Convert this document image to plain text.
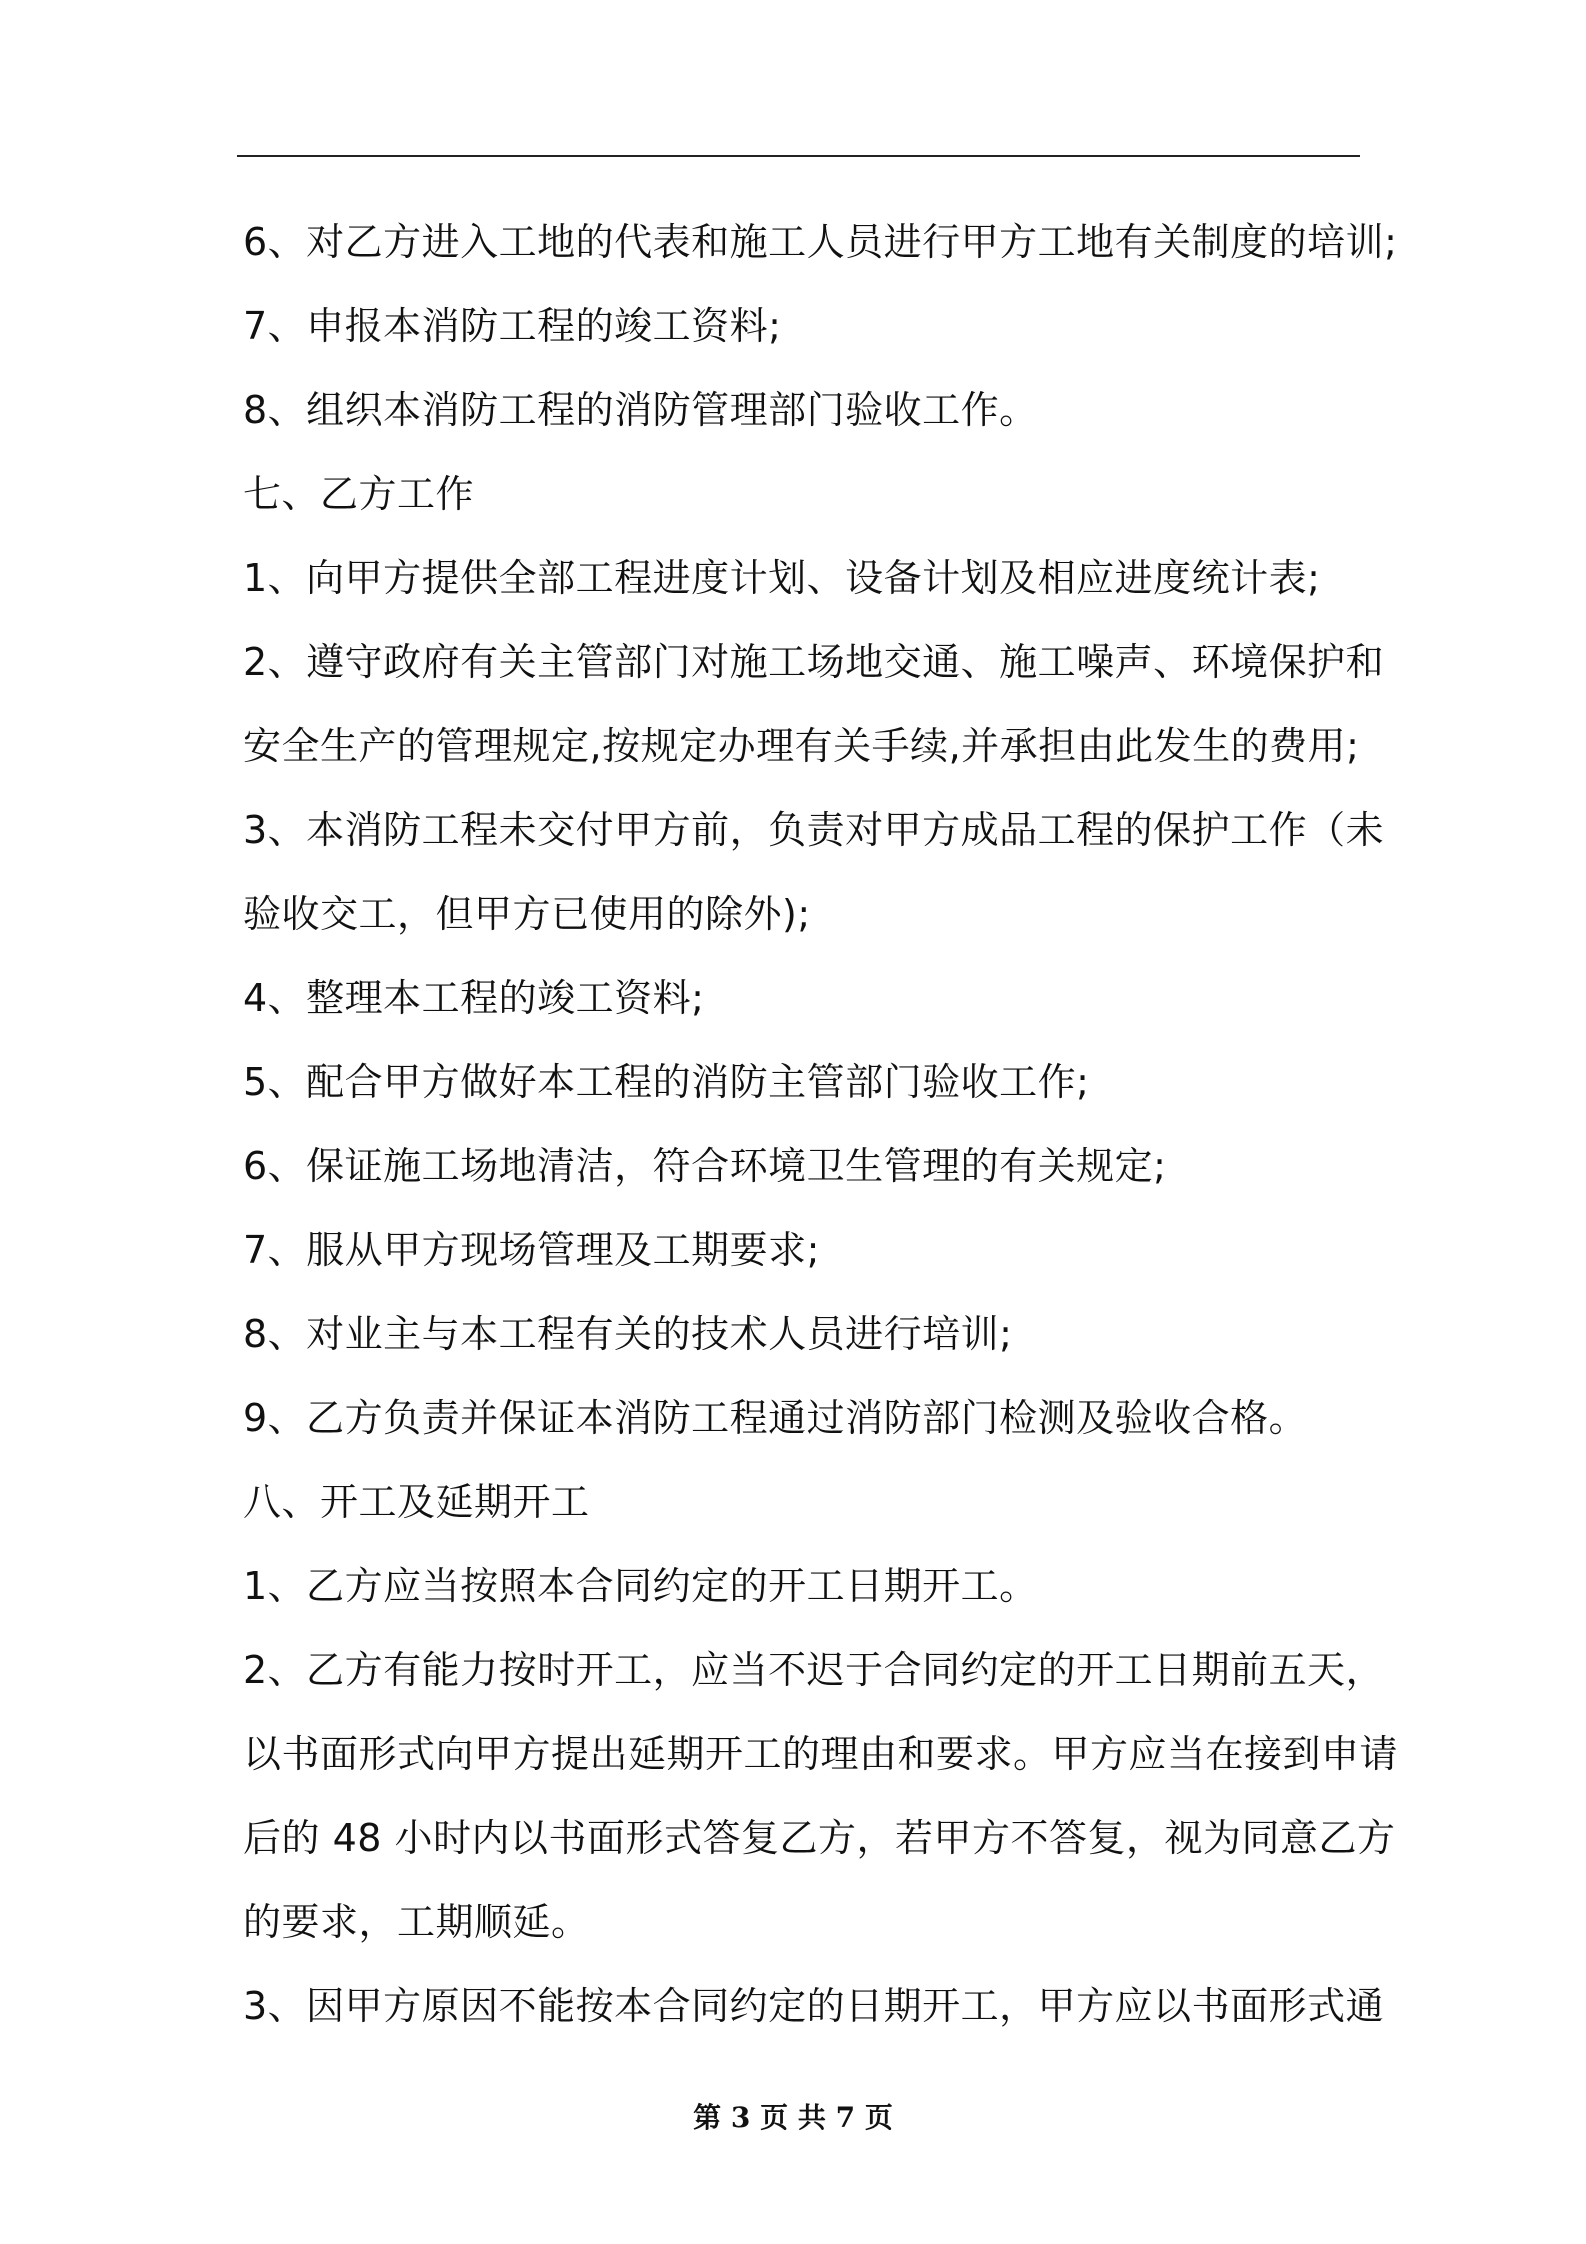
6、对乙方进入工地的代表和施工人员进行甲方工地有关制度的培训;
7、申报本消防工程的竣工资料;
8、组织本消防工程的消防管理部门验收工作。
七、乙方工作
1、向甲方提供全部工程进度计划、设备计划及相应进度统计表;
2、遵守政府有关主管部门对施工场地交通、施工噪声、环境保护和
安全生产的管理规定,按规定办理有关手续,并承担由此发生的费用;
3、本消防工程未交付甲方前，负责对甲方成品工程的保护工作（未
验收交工，但甲方已使用的除外);
4、整理本工程的竣工资料;
5、配合甲方做好本工程的消防主管部门验收工作;
6、保证施工场地清洁，符合环境卫生管理的有关规定;
7、服从甲方现场管理及工期要求;
8、对业主与本工程有关的技术人员进行培训;
9、乙方负责并保证本消防工程通过消防部门检测及验收合格。
八、开工及延期开工
1、乙方应当按照本合同约定的开工日期开工。
2、乙方有能力按时开工，应当不迟于合同约定的开工日期前五天，
以书面形式向甲方提出延期开工的理由和要求。甲方应当在接到申请
后的 48 小时内以书面形式答复乙方，若甲方不答复，视为同意乙方
的要求，工期顺延。
3、因甲方原因不能按本合同约定的日期开工，甲方应以书面形式通
第 3 页 共 7 页
